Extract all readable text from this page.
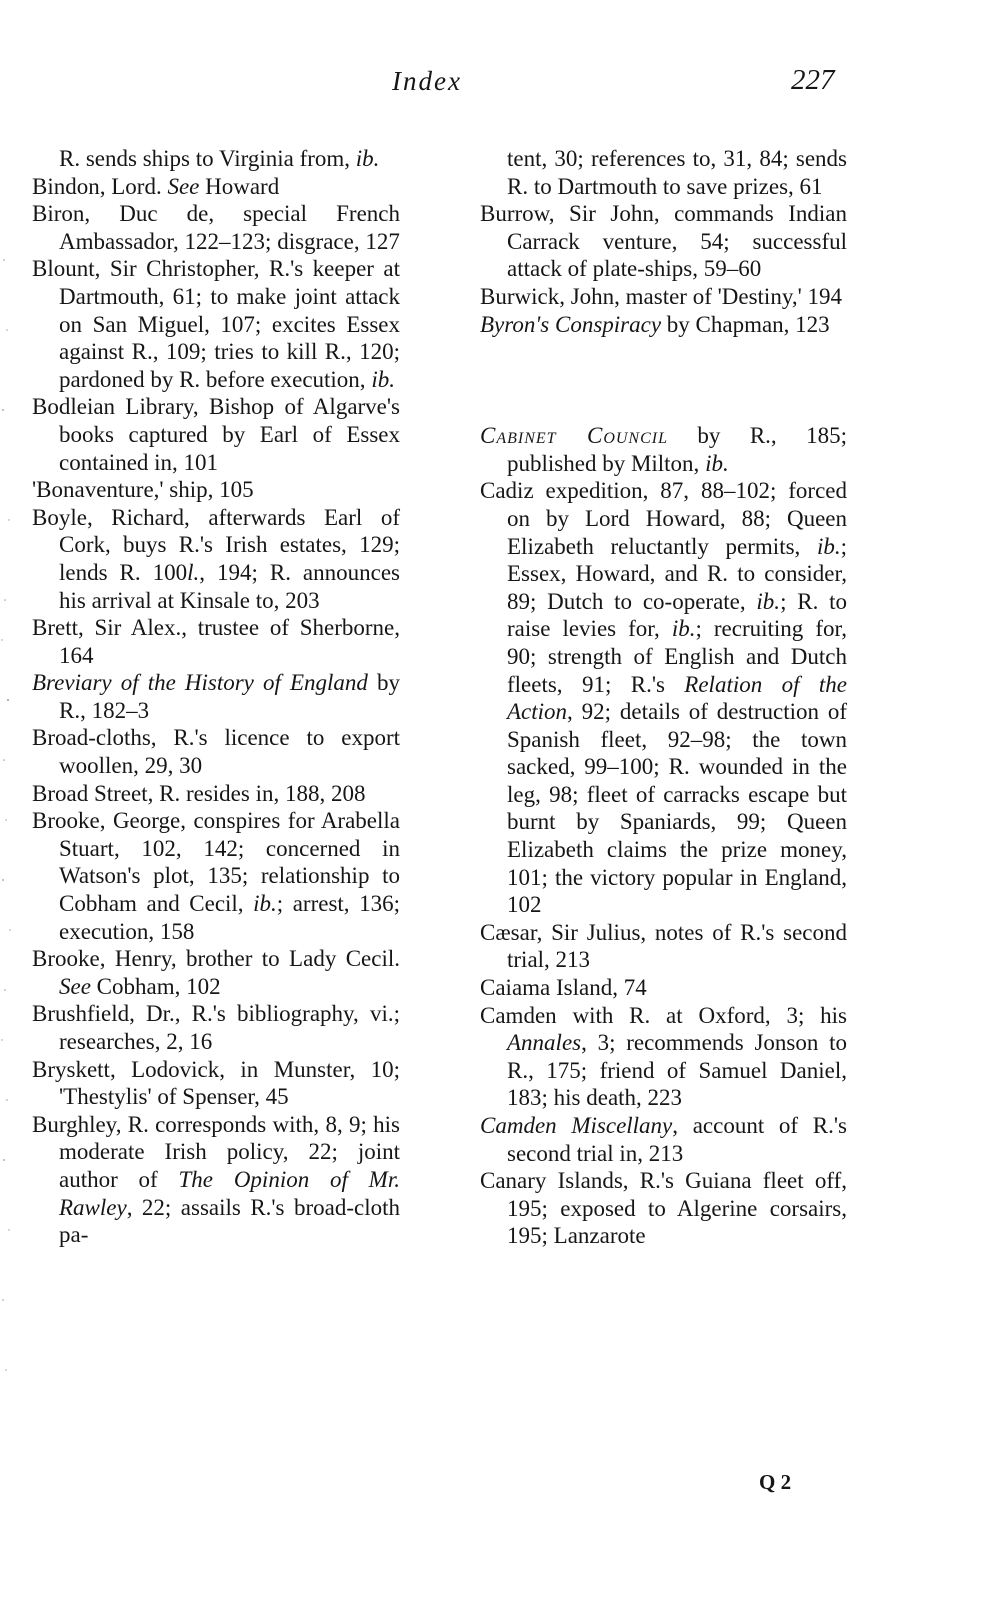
Index	227

R. sends ships to Virginia from, ib.

Bindon, Lord. See Howard

Biron, Duc de, special French Ambassador, 122–123; disgrace, 127

Blount, Sir Christopher, R.'s keeper at Dartmouth, 61; to make joint attack on San Miguel, 107; excites Essex against R., 109; tries to kill R., 120; pardoned by R. before execution, ib.

Bodleian Library, Bishop of Algarve's books captured by Earl of Essex contained in, 101

'Bonaventure,' ship, 105

Boyle, Richard, afterwards Earl of Cork, buys R.'s Irish estates, 129; lends R. 100l., 194; R. announces his arrival at Kinsale to, 203

Brett, Sir Alex., trustee of Sherborne, 164

Breviary of the History of England by R., 182–3

Broad-cloths, R.'s licence to export woollen, 29, 30

Broad Street, R. resides in, 188, 208

Brooke, George, conspires for Arabella Stuart, 102, 142; concerned in Watson's plot, 135; relationship to Cobham and Cecil, ib.; arrest, 136; execution, 158

Brooke, Henry, brother to Lady Cecil. See Cobham, 102

Brushfield, Dr., R.'s bibliography, vi.; researches, 2, 16

Bryskett, Lodovick, in Munster, 10; 'Thestylis' of Spenser, 45

Burghley, R. corresponds with, 8, 9; his moderate Irish policy, 22; joint author of The Opinion of Mr. Rawley, 22; assails R.'s broad-cloth pa-

tent, 30; references to, 31, 84; sends R. to Dartmouth to save prizes, 61

Burrow, Sir John, commands Indian Carrack venture, 54; successful attack of plate-ships, 59–60

Burwick, John, master of 'Destiny,' 194

Byron's Conspiracy by Chapman, 123

Cabinet Council by R., 185; published by Milton, ib.

Cadiz expedition, 87, 88–102; forced on by Lord Howard, 88; Queen Elizabeth reluctantly permits, ib.; Essex, Howard, and R. to consider, 89; Dutch to co-operate, ib.; R. to raise levies for, ib.; recruiting for, 90; strength of English and Dutch fleets, 91; R.'s Relation of the Action, 92; details of destruction of Spanish fleet, 92–98; the town sacked, 99–100; R. wounded in the leg, 98; fleet of carracks escape but burnt by Spaniards, 99; Queen Elizabeth claims the prize money, 101; the victory popular in England, 102

Cæsar, Sir Julius, notes of R.'s second trial, 213

Caiama Island, 74

Camden with R. at Oxford, 3; his Annales, 3; recommends Jonson to R., 175; friend of Samuel Daniel, 183; his death, 223

Camden Miscellany, account of R.'s second trial in, 213

Canary Islands, R.'s Guiana fleet off, 195; exposed to Algerine corsairs, 195; Lanzarote

Q 2
